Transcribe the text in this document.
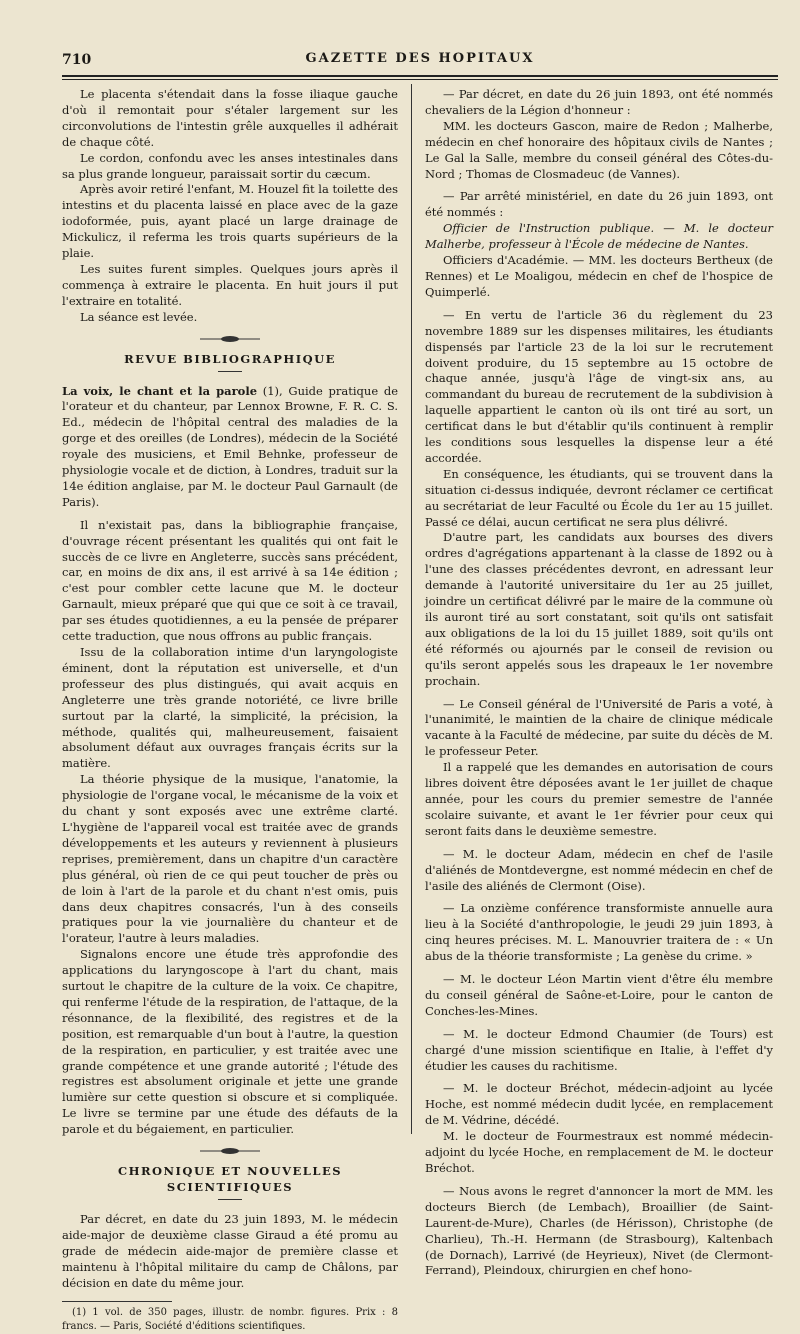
710	GAZETTE DES HOPITAUX

Le placenta s'étendait dans la fosse iliaque gauche d'où il remontait pour s'étaler largement sur les circonvolutions de l'intestin grêle auxquelles il adhérait de chaque côté.

Le cordon, confondu avec les anses intestinales dans sa plus grande longueur, paraissait sortir du cæcum.

Après avoir retiré l'enfant, M. Houzel fit la toilette des intestins et du placenta laissé en place avec de la gaze iodoformée, puis, ayant placé un large drainage de Mickulicz, il referma les trois quarts supérieurs de la plaie.

Les suites furent simples. Quelques jours après il commença à extraire le placenta. En huit jours il put l'extraire en totalité.

La séance est levée.

REVUE BIBLIOGRAPHIQUE

La voix, le chant et la parole (1), Guide pratique de l'orateur et du chanteur, par Lennox Browne, F. R. C. S. Ed., médecin de l'hôpital central des maladies de la gorge et des oreilles (de Londres), médecin de la Société royale des musiciens, et Emil Behnke, professeur de physiologie vocale et de diction, à Londres, traduit sur la 14e édition anglaise, par M. le docteur Paul Garnault (de Paris).

Il n'existait pas, dans la bibliographie française, d'ouvrage récent présentant les qualités qui ont fait le succès de ce livre en Angleterre, succès sans précédent, car, en moins de dix ans, il est arrivé à sa 14e édition ; c'est pour combler cette lacune que M. le docteur Garnault, mieux préparé que qui que ce soit à ce travail, par ses études quotidiennes, a eu la pensée de préparer cette traduction, que nous offrons au public français.

Issu de la collaboration intime d'un laryngologiste éminent, dont la réputation est universelle, et d'un professeur des plus distingués, qui avait acquis en Angleterre une très grande notoriété, ce livre brille surtout par la clarté, la simplicité, la précision, la méthode, qualités qui, malheureusement, faisaient absolument défaut aux ouvrages français écrits sur la matière.

La théorie physique de la musique, l'anatomie, la physiologie de l'organe vocal, le mécanisme de la voix et du chant y sont exposés avec une extrême clarté. L'hygiène de l'appareil vocal est traitée avec de grands développements et les auteurs y reviennent à plusieurs reprises, premièrement, dans un chapitre d'un caractère plus général, où rien de ce qui peut toucher de près ou de loin à l'art de la parole et du chant n'est omis, puis dans deux chapitres consacrés, l'un à des conseils pratiques pour la vie journalière du chanteur et de l'orateur, l'autre à leurs maladies.

Signalons encore une étude très approfondie des applications du laryngoscope à l'art du chant, mais surtout le chapitre de la culture de la voix. Ce chapitre, qui renferme l'étude de la respiration, de l'attaque, de la résonnance, de la flexibilité, des registres et de la position, est remarquable d'un bout à l'autre, la question de la respiration, en particulier, y est traitée avec une grande compétence et une grande autorité ; l'étude des registres est absolument originale et jette une grande lumière sur cette question si obscure et si compliquée. Le livre se termine par une étude des défauts de la parole et du bégaiement, en particulier.

CHRONIQUE ET NOUVELLES SCIENTIFIQUES

Par décret, en date du 23 juin 1893, M. le médecin aide-major de deuxième classe Giraud a été promu au grade de médecin aide-major de première classe et maintenu à l'hôpital militaire du camp de Châlons, par décision en date du même jour.

(1) 1 vol. de 350 pages, illustr. de nombr. figures. Prix : 8 francs. — Paris, Société d'éditions scientifiques.

— Par décret, en date du 26 juin 1893, ont été nommés chevaliers de la Légion d'honneur :

MM. les docteurs Gascon, maire de Redon ; Malherbe, médecin en chef honoraire des hôpitaux civils de Nantes ; Le Gal la Salle, membre du conseil général des Côtes-du-Nord ; Thomas de Closmadeuc (de Vannes).

— Par arrêté ministériel, en date du 26 juin 1893, ont été nommés :

Officier de l'Instruction publique. — M. le docteur Malherbe, professeur à l'École de médecine de Nantes.

Officiers d'Académie. — MM. les docteurs Bertheux (de Rennes) et Le Moaligou, médecin en chef de l'hospice de Quimperlé.

— En vertu de l'article 36 du règlement du 23 novembre 1889 sur les dispenses militaires, les étudiants dispensés par l'article 23 de la loi sur le recrutement doivent produire, du 15 septembre au 15 octobre de chaque année, jusqu'à l'âge de vingt-six ans, au commandant du bureau de recrutement de la subdivision à laquelle appartient le canton où ils ont tiré au sort, un certificat dans le but d'établir qu'ils continuent à remplir les conditions sous lesquelles la dispense leur a été accordée.

En conséquence, les étudiants, qui se trouvent dans la situation ci-dessus indiquée, devront réclamer ce certificat au secrétariat de leur Faculté ou École du 1er au 15 juillet. Passé ce délai, aucun certificat ne sera plus délivré.

D'autre part, les candidats aux bourses des divers ordres d'agrégations appartenant à la classe de 1892 ou à l'une des classes précédentes devront, en adressant leur demande à l'autorité universitaire du 1er au 25 juillet, joindre un certificat délivré par le maire de la commune où ils auront tiré au sort constatant, soit qu'ils ont satisfait aux obligations de la loi du 15 juillet 1889, soit qu'ils ont été réformés ou ajournés par le conseil de revision ou qu'ils seront appelés sous les drapeaux le 1er novembre prochain.

— Le Conseil général de l'Université de Paris a voté, à l'unanimité, le maintien de la chaire de clinique médicale vacante à la Faculté de médecine, par suite du décès de M. le professeur Peter.

Il a rappelé que les demandes en autorisation de cours libres doivent être déposées avant le 1er juillet de chaque année, pour les cours du premier semestre de l'année scolaire suivante, et avant le 1er février pour ceux qui seront faits dans le deuxième semestre.

— M. le docteur Adam, médecin en chef de l'asile d'aliénés de Montdevergne, est nommé médecin en chef de l'asile des aliénés de Clermont (Oise).

— La onzième conférence transformiste annuelle aura lieu à la Société d'anthropologie, le jeudi 29 juin 1893, à cinq heures précises. M. L. Manouvrier traitera de : « Un abus de la théorie transformiste ; La genèse du crime. »

— M. le docteur Léon Martin vient d'être élu membre du conseil général de Saône-et-Loire, pour le canton de Conches-les-Mines.

— M. le docteur Edmond Chaumier (de Tours) est chargé d'une mission scientifique en Italie, à l'effet d'y étudier les causes du rachitisme.

— M. le docteur Bréchot, médecin-adjoint au lycée Hoche, est nommé médecin dudit lycée, en remplacement de M. Védrine, décédé.

M. le docteur de Fourmestraux est nommé médecin-adjoint du lycée Hoche, en remplacement de M. le docteur Bréchot.

— Nous avons le regret d'annoncer la mort de MM. les docteurs Bierch (de Lembach), Broaillier (de Saint-Laurent-de-Mure), Charles (de Hérisson), Christophe (de Charlieu), Th.-H. Hermann (de Strasbourg), Kaltenbach (de Dornach), Larrivé (de Heyrieux), Nivet (de Clermont-Ferrand), Pleindoux, chirurgien en chef hono-
